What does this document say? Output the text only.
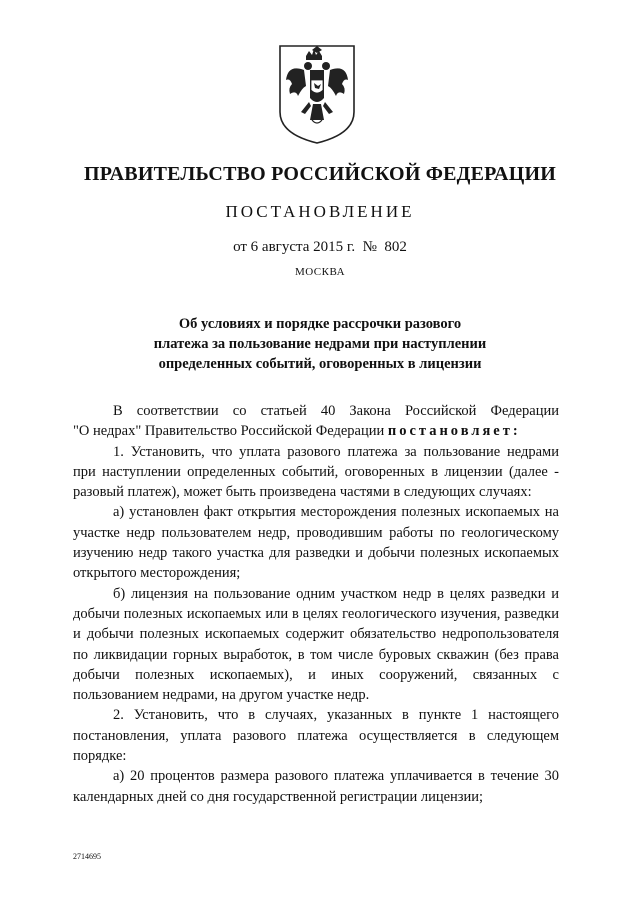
ПРАВИТЕЛЬСТВО РОССИЙСКОЙ ФЕДЕРАЦИИ
ПОСТАНОВЛЕНИЕ
от 6 августа 2015 г. № 802
МОСКВА
Об условиях и порядке рассрочки разового
платежа за пользование недрами при наступлении
определенных событий, оговоренных в лицензии

В соответствии со статьей 40 Закона Российской Федерации

"О недрах" Правительство Российской Федерации постановляет:

1. Установить, что уплата разового платежа за пользование недрами при наступлении определенных событий, оговоренных в лицензии (далее - разовый платеж), может быть произведена частями в следующих случаях:

а) установлен факт открытия месторождения полезных ископаемых на участке недр пользователем недр, проводившим работы по геологическому изучению недр такого участка для разведки и добычи полезных ископаемых открытого месторождения;

б) лицензия на пользование одним участком недр в целях разведки и добычи полезных ископаемых или в целях геологического изучения, разведки и добычи полезных ископаемых содержит обязательство недропользователя по ликвидации горных выработок, в том числе буровых скважин (без права добычи полезных ископаемых), и иных сооружений, связанных с пользованием недрами, на другом участке недр.

2. Установить, что в случаях, указанных в пункте 1 настоящего постановления, уплата разового платежа осуществляется в следующем порядке:

а) 20 процентов размера разового платежа уплачивается в течение 30 календарных дней со дня государственной регистрации лицензии;

2714695
